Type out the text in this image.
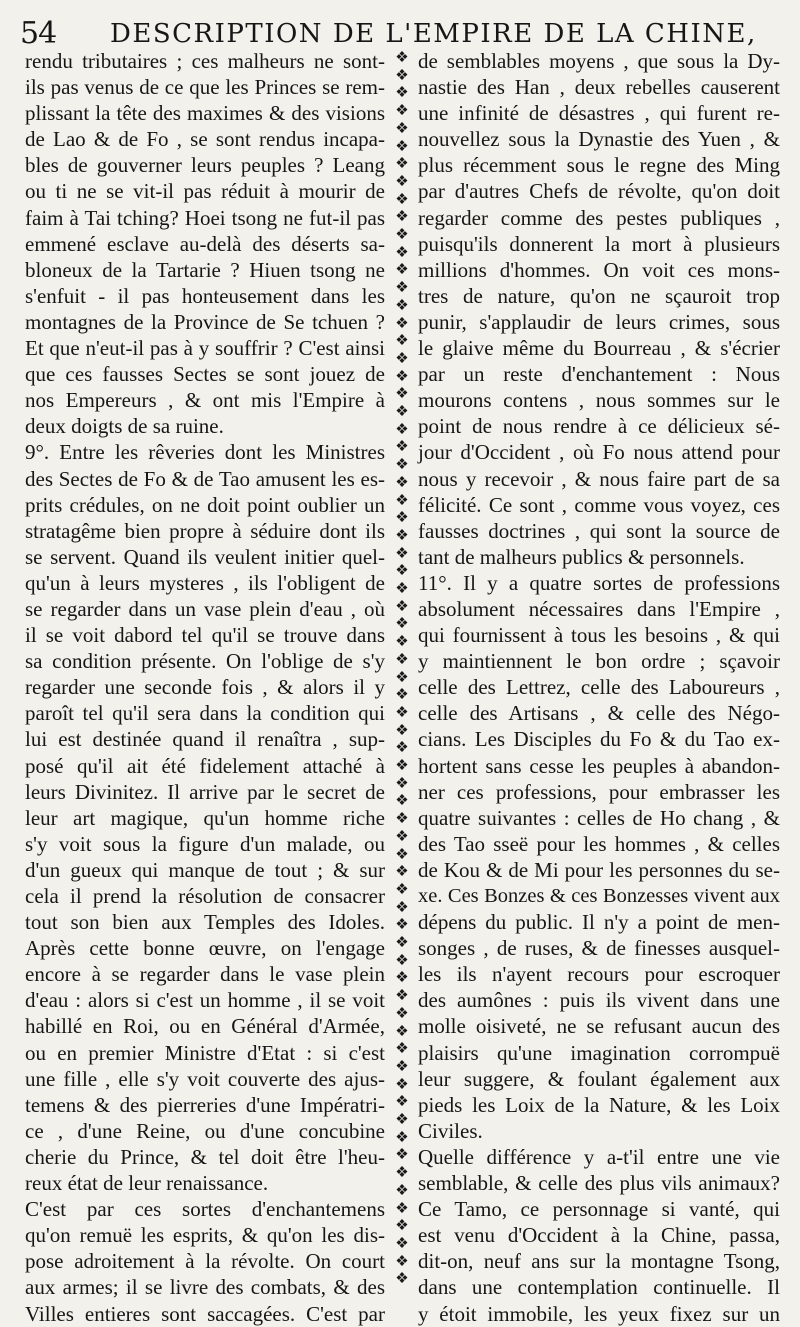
54 DESCRIPTION DE L'EMPIRE DE LA CHINE,
rendu tributaires ; ces malheurs ne sont-
ils pas venus de ce que les Princes se rem-
plissant la tête des maximes & des visions
de Lao & de Fo , se sont rendus incapa-
bles de gouverner leurs peuples ? Leang
ou ti ne se vit-il pas réduit à mourir de
faim à Tai tching? Hoei tsong ne fut-il pas
emmené esclave au-delà des déserts sa-
bloneux de la Tartarie ? Hiuen tsong ne
s'enfuit - il pas honteusement dans les
montagnes de la Province de Se tchuen ?
Et que n'eut-il pas à y souffrir ? C'est ainsi
que ces fausses Sectes se sont jouez de
nos Empereurs , & ont mis l'Empire à
deux doigts de sa ruine.
9°. Entre les rêveries dont les Ministres
des Sectes de Fo & de Tao amusent les es-
prits crédules, on ne doit point oublier un
stratagême bien propre à séduire dont ils
se servent. Quand ils veulent initier quel-
qu'un à leurs mysteres , ils l'obligent de
se regarder dans un vase plein d'eau , où
il se voit dabord tel qu'il se trouve dans
sa condition présente. On l'oblige de s'y
regarder une seconde fois , & alors il y
paroît tel qu'il sera dans la condition qui
lui est destinée quand il renaîtra , sup-
posé qu'il ait été fidelement attaché à
leurs Divinitez. Il arrive par le secret de
leur art magique, qu'un homme riche
s'y voit sous la figure d'un malade, ou
d'un gueux qui manque de tout ; & sur
cela il prend la résolution de consacrer
tout son bien aux Temples des Idoles.
Après cette bonne œuvre, on l'engage
encore à se regarder dans le vase plein
d'eau : alors si c'est un homme , il se voit
habillé en Roi, ou en Général d'Armée,
ou en premier Ministre d'Etat : si c'est
une fille , elle s'y voit couverte des ajus-
temens & des pierreries d'une Impératri-
ce , d'une Reine, ou d'une concubine
cherie du Prince, & tel doit être l'heu-
reux état de leur renaissance.
C'est par ces sortes d'enchantemens
qu'on remuë les esprits, & qu'on les dis-
pose adroitement à la révolte. On court
aux armes; il se livre des combats, & des
Villes entieres sont saccagées. C'est par
❖
❖
❖
❖
❖
❖
❖
❖
❖
❖
❖
❖
❖
❖
❖
❖
❖
❖
❖
❖
❖
❖
❖
❖
❖
❖
❖
❖
❖
❖
❖
❖
❖
❖
❖
❖
❖
❖
❖
❖
❖
❖
❖
❖
❖
❖
❖
❖
❖
❖
❖
❖
❖
❖
❖
❖
❖
❖
❖
❖
❖
❖
❖
❖
❖
❖
❖
❖
❖
❖
de semblables moyens , que sous la Dy-
nastie des Han , deux rebelles causerent
une infinité de désastres , qui furent re-
nouvellez sous la Dynastie des Yuen , &
plus récemment sous le regne des Ming
par d'autres Chefs de révolte, qu'on doit
regarder comme des pestes publiques ,
puisqu'ils donnerent la mort à plusieurs
millions d'hommes. On voit ces mons-
tres de nature, qu'on ne sçauroit trop
punir, s'applaudir de leurs crimes, sous
le glaive même du Bourreau , & s'écrier
par un reste d'enchantement : Nous
mourons contens , nous sommes sur le
point de nous rendre à ce délicieux sé-
jour d'Occident , où Fo nous attend pour
nous y recevoir , & nous faire part de sa
félicité. Ce sont , comme vous voyez, ces
fausses doctrines , qui sont la source de
tant de malheurs publics & personnels.
11°. Il y a quatre sortes de professions
absolument nécessaires dans l'Empire ,
qui fournissent à tous les besoins , & qui
y maintiennent le bon ordre ; sçavoir
celle des Lettrez, celle des Laboureurs ,
celle des Artisans , & celle des Négo-
cians. Les Disciples du Fo & du Tao ex-
hortent sans cesse les peuples à abandon-
ner ces professions, pour embrasser les
quatre suivantes : celles de Ho chang , &
des Tao sseë pour les hommes , & celles
de Kou & de Mi pour les personnes du se-
xe. Ces Bonzes & ces Bonzesses vivent aux
dépens du public. Il n'y a point de men-
songes , de ruses, & de finesses ausquel-
les ils n'ayent recours pour escroquer
des aumônes : puis ils vivent dans une
molle oisiveté, ne se refusant aucun des
plaisirs qu'une imagination corrompuë
leur suggere, & foulant également aux
pieds les Loix de la Nature, & les Loix
Civiles.
Quelle différence y a-t'il entre une vie
semblable, & celle des plus vils animaux?
Ce Tamo, ce personnage si vanté, qui
est venu d'Occident à la Chine, passa,
dit-on, neuf ans sur la montagne Tsong,
dans une contemplation continuelle. Il
y étoit immobile, les yeux fixez sur un
